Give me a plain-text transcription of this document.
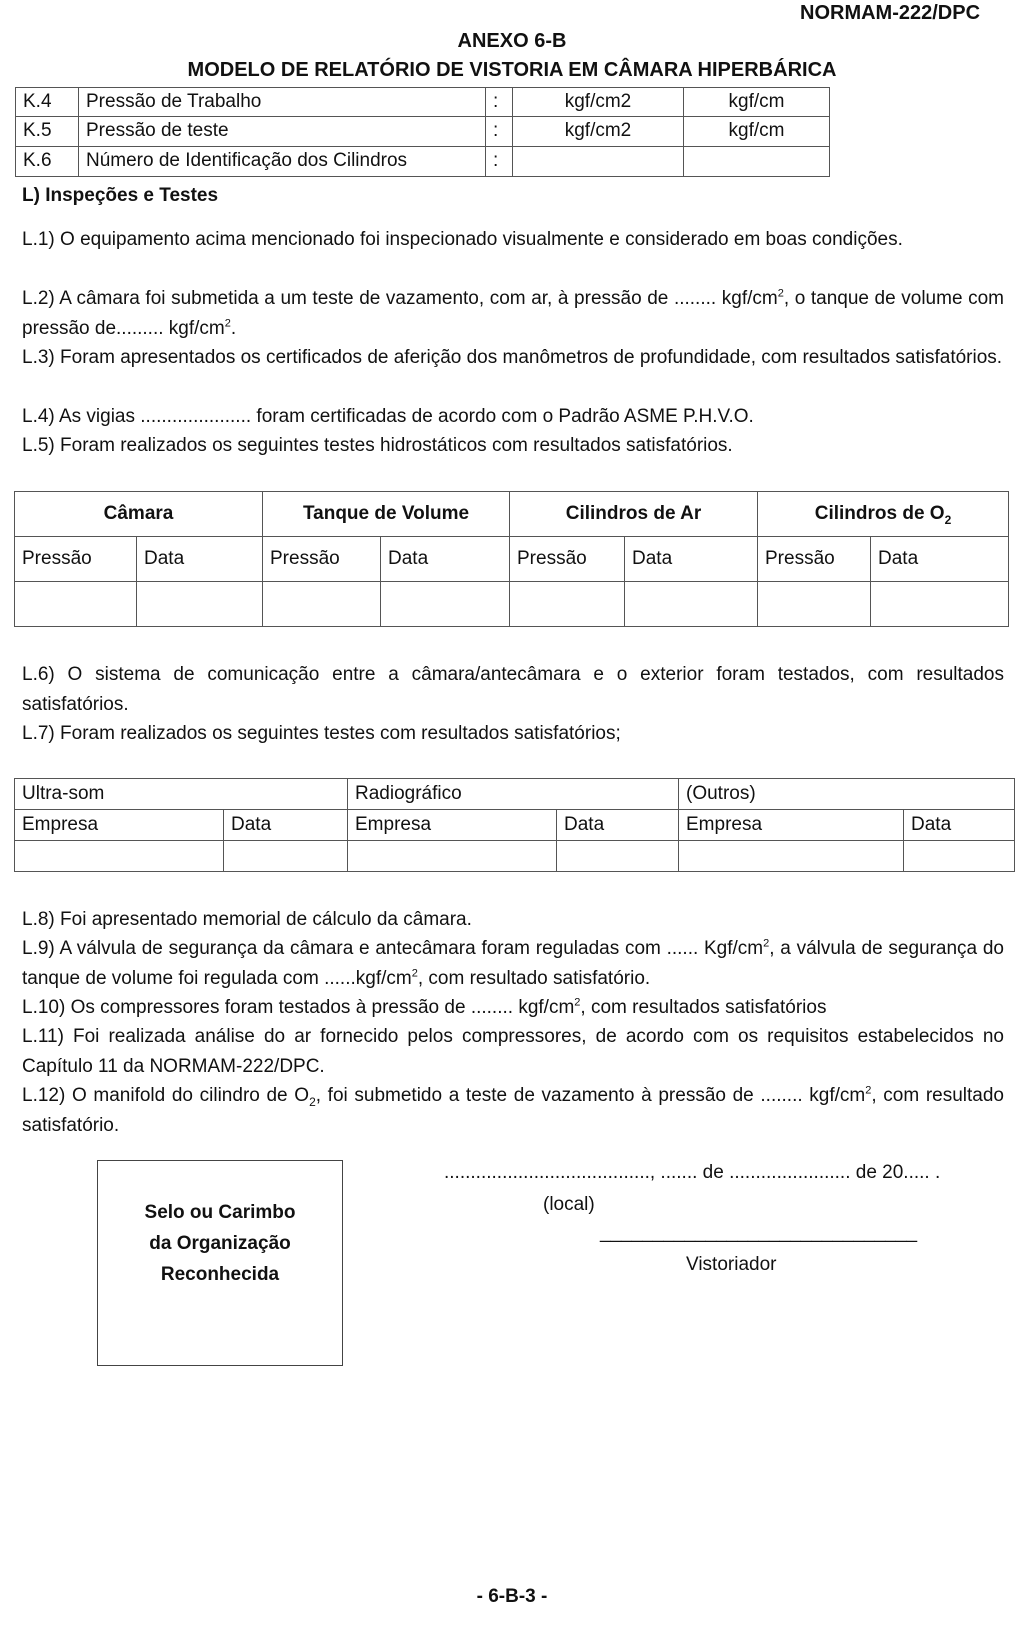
NORMAM-222/DPC
ANEXO 6-B
MODELO DE RELATÓRIO DE VISTORIA EM CÂMARA HIPERBÁRICA
K.4	Pressão de Trabalho	:	kgf/cm2	kgf/cm
K.5	Pressão de teste	:	kgf/cm2	kgf/cm
K.6	Número de Identificação dos Cilindros	:		
L) Inspeções e Testes
L.1) O equipamento acima mencionado foi inspecionado visualmente e considerado em boas condições.
L.2) A câmara foi submetida a um teste de vazamento, com ar, à pressão de ........ kgf/$cm^2$, o tanque de volume com pressão de......... kgf/$cm^2$.
L.3) Foram apresentados os certificados de aferição dos manômetros de profundidade, com resultados satisfatórios.
L.4) As vigias ..................... foram certificadas de acordo com o Padrão ASME P.H.V.O.
L.5) Foram realizados os seguintes testes hidrostáticos com resultados satisfatórios.
Câmara		Tanque de Volume		Cilindros de Ar		Cilindros de $O_2$
Pressão	Data	Pressão	Data	Pressão	Data	Pressão	Data

L.6) O sistema de comunicação entre a câmara/antecâmara e o exterior foram testados, com resultados satisfatórios.
L.7) Foram realizados os seguintes testes com resultados satisfatórios;
Ultra-som		Radiográfico		(Outros)	
Empresa	Data	Empresa	Data	Empresa	Data

L.8) Foi apresentado memorial de cálculo da câmara.
L.9) A válvula de segurança da câmara e antecâmara foram reguladas com ...... Kgf/$cm^2$, a válvula de segurança do tanque de volume foi regulada com $......kgf/cm^2$, com resultado satisfatório.
L.10) Os compressores foram testados à pressão de ........ kgf/$cm^2$, com resultados satisfatórios
L.11) Foi realizada análise do ar fornecido pelos compressores, de acordo com os requisitos estabelecidos no Capítulo 11 da NORMAM-222/DPC.
L.12) O manifold do cilindro de $O_2$, foi submetido a teste de vazamento à pressão de ........ kgf/$cm^2$, com resultado satisfatório.
Selo ou Carimbo
da Organização
Reconhecida
......................................., ....... de ....................... de 20..... .
(local)
______________________________
Vistoriador
- 6-B-3 -
